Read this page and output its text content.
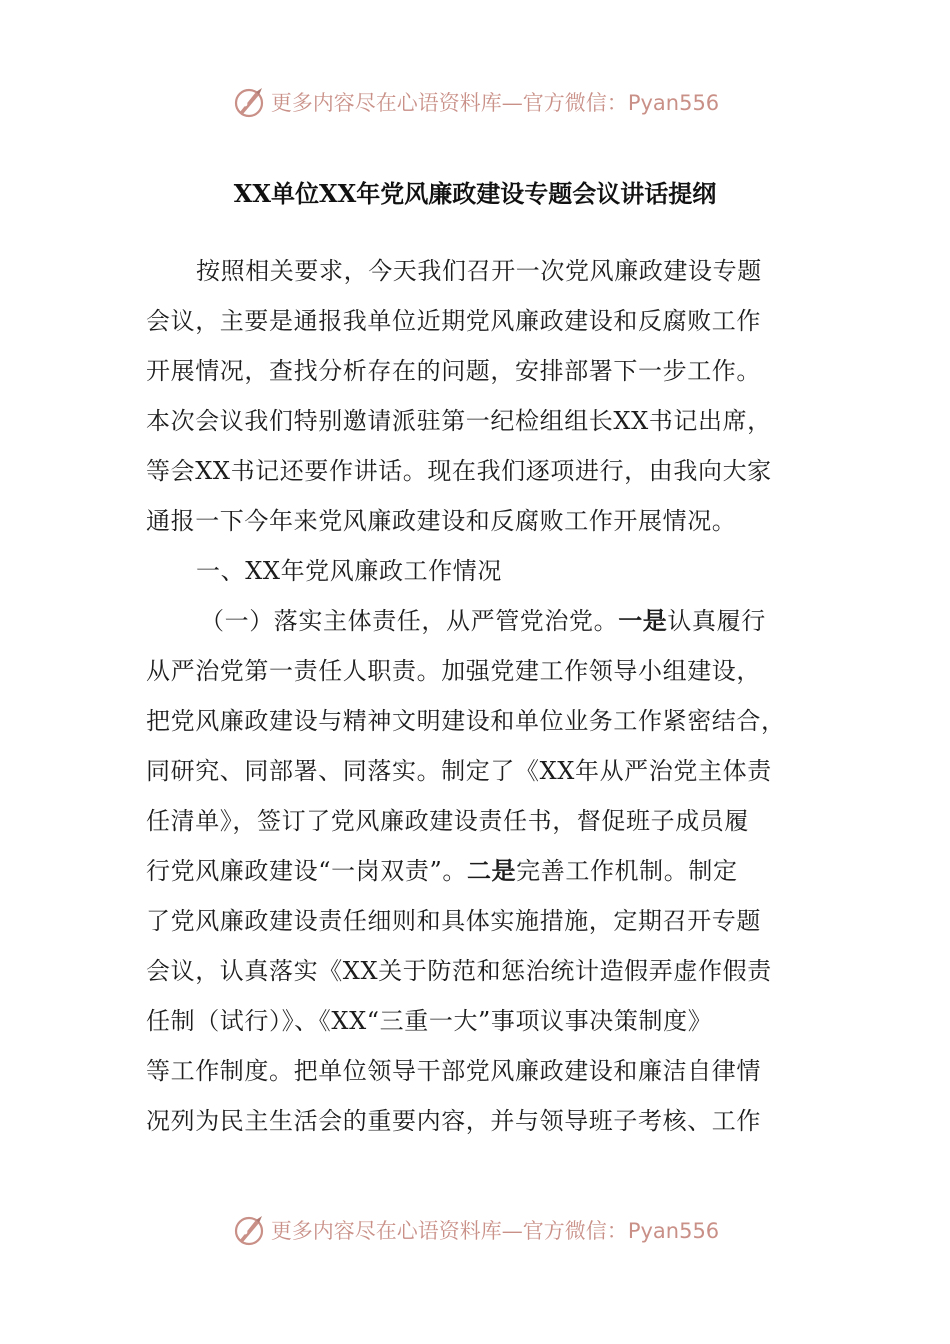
更多内容尽在心语资料库—官方微信：Pyan556
XX单位XX年党风廉政建设专题会议讲话提纲
按照相关要求，今天我们召开一次党风廉政建设专题
会议，主要是通报我单位近期党风廉政建设和反腐败工作
开展情况，查找分析存在的问题，安排部署下一步工作。
本次会议我们特别邀请派驻第一纪检组组长XX书记出席，
等会XX书记还要作讲话。现在我们逐项进行，由我向大家
通报一下今年来党风廉政建设和反腐败工作开展情况。
一、XX年党风廉政工作情况
（一）落实主体责任，从严管党治党。一是认真履行
从严治党第一责任人职责。加强党建工作领导小组建设，
把党风廉政建设与精神文明建设和单位业务工作紧密结合，
同研究、同部署、同落实。制定了《XX年从严治党主体责
任清单》，签订了党风廉政建设责任书，督促班子成员履
行党风廉政建设“一岗双责”。二是完善工作机制。制定
了党风廉政建设责任细则和具体实施措施，定期召开专题
会议，认真落实《XX关于防范和惩治统计造假弄虚作假责
任制（试行）》、《XX“三重一大”事项议事决策制度》
等工作制度。把单位领导干部党风廉政建设和廉洁自律情
况列为民主生活会的重要内容，并与领导班子考核、工作
更多内容尽在心语资料库—官方微信：Pyan556
